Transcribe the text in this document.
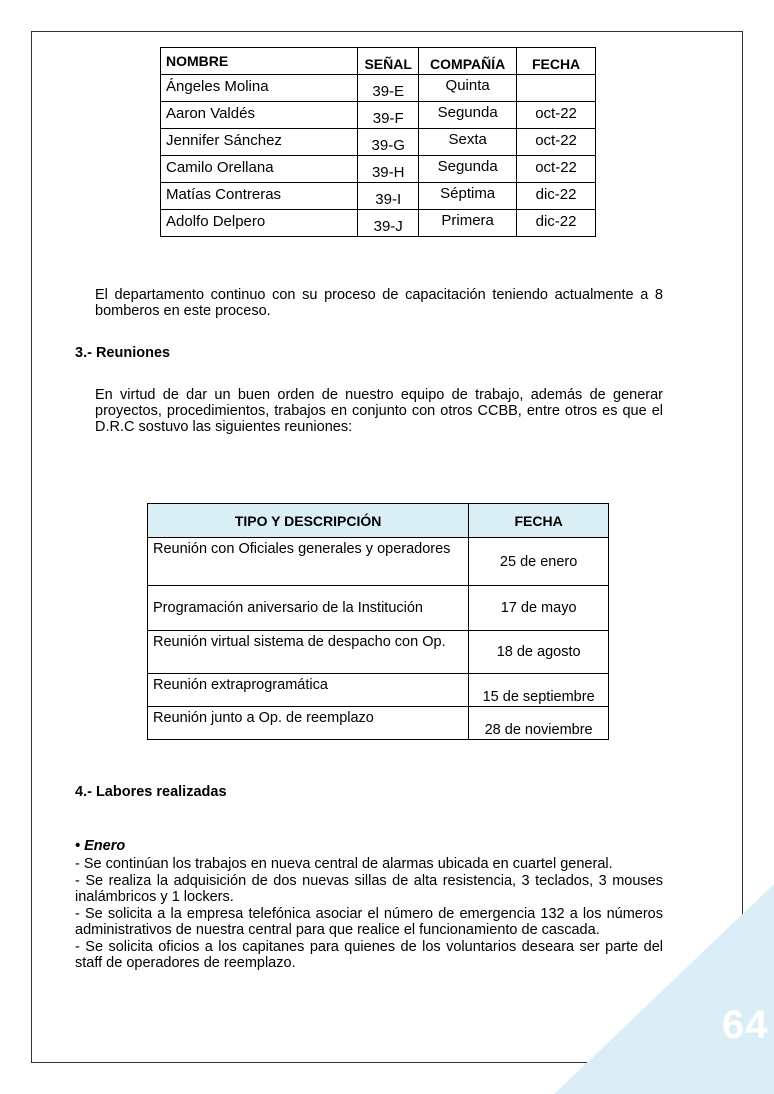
64
NOMBRE	SEÑAL	COMPAÑÍA	FECHA
Ángeles Molina	39-E	Quinta	
Aaron Valdés	39-F	Segunda	oct-22
Jennifer Sánchez	39-G	Sexta	oct-22
Camilo Orellana	39-H	Segunda	oct-22
Matías Contreras	39-I	Séptima	dic-22
Adolfo Delpero	39-J	Primera	dic-22
El departamento continuo con su proceso de capacitación teniendo actualmente a 8 bomberos en este proceso.
3.- Reuniones
En virtud de dar un buen orden de nuestro equipo de trabajo, además de generar proyectos, procedimientos, trabajos en conjunto con otros CCBB, entre otros es que el D.R.C sostuvo las siguientes reuniones:
TIPO Y DESCRIPCIÓN	FECHA
Reunión con Oficiales generales y operadores	25 de enero
Programación aniversario de la Institución	17 de mayo
Reunión virtual sistema de despacho con Op.	18 de agosto
Reunión extraprogramática	15 de septiembre
Reunión junto a Op. de reemplazo	28 de noviembre
4.- Labores realizadas
• Enero

- Se continúan los trabajos en nueva central de alarmas ubicada en cuartel general.

- Se realiza la adquisición de dos nuevas sillas de alta resistencia, 3 teclados, 3 mouses inalámbricos y 1 lockers.

- Se solicita a la empresa telefónica asociar el número de emergencia 132 a los números administrativos de nuestra central para que realice el funcionamiento de cascada.

- Se solicita oficios a los capitanes para quienes de los voluntarios deseara ser parte del staff de operadores de reemplazo.
